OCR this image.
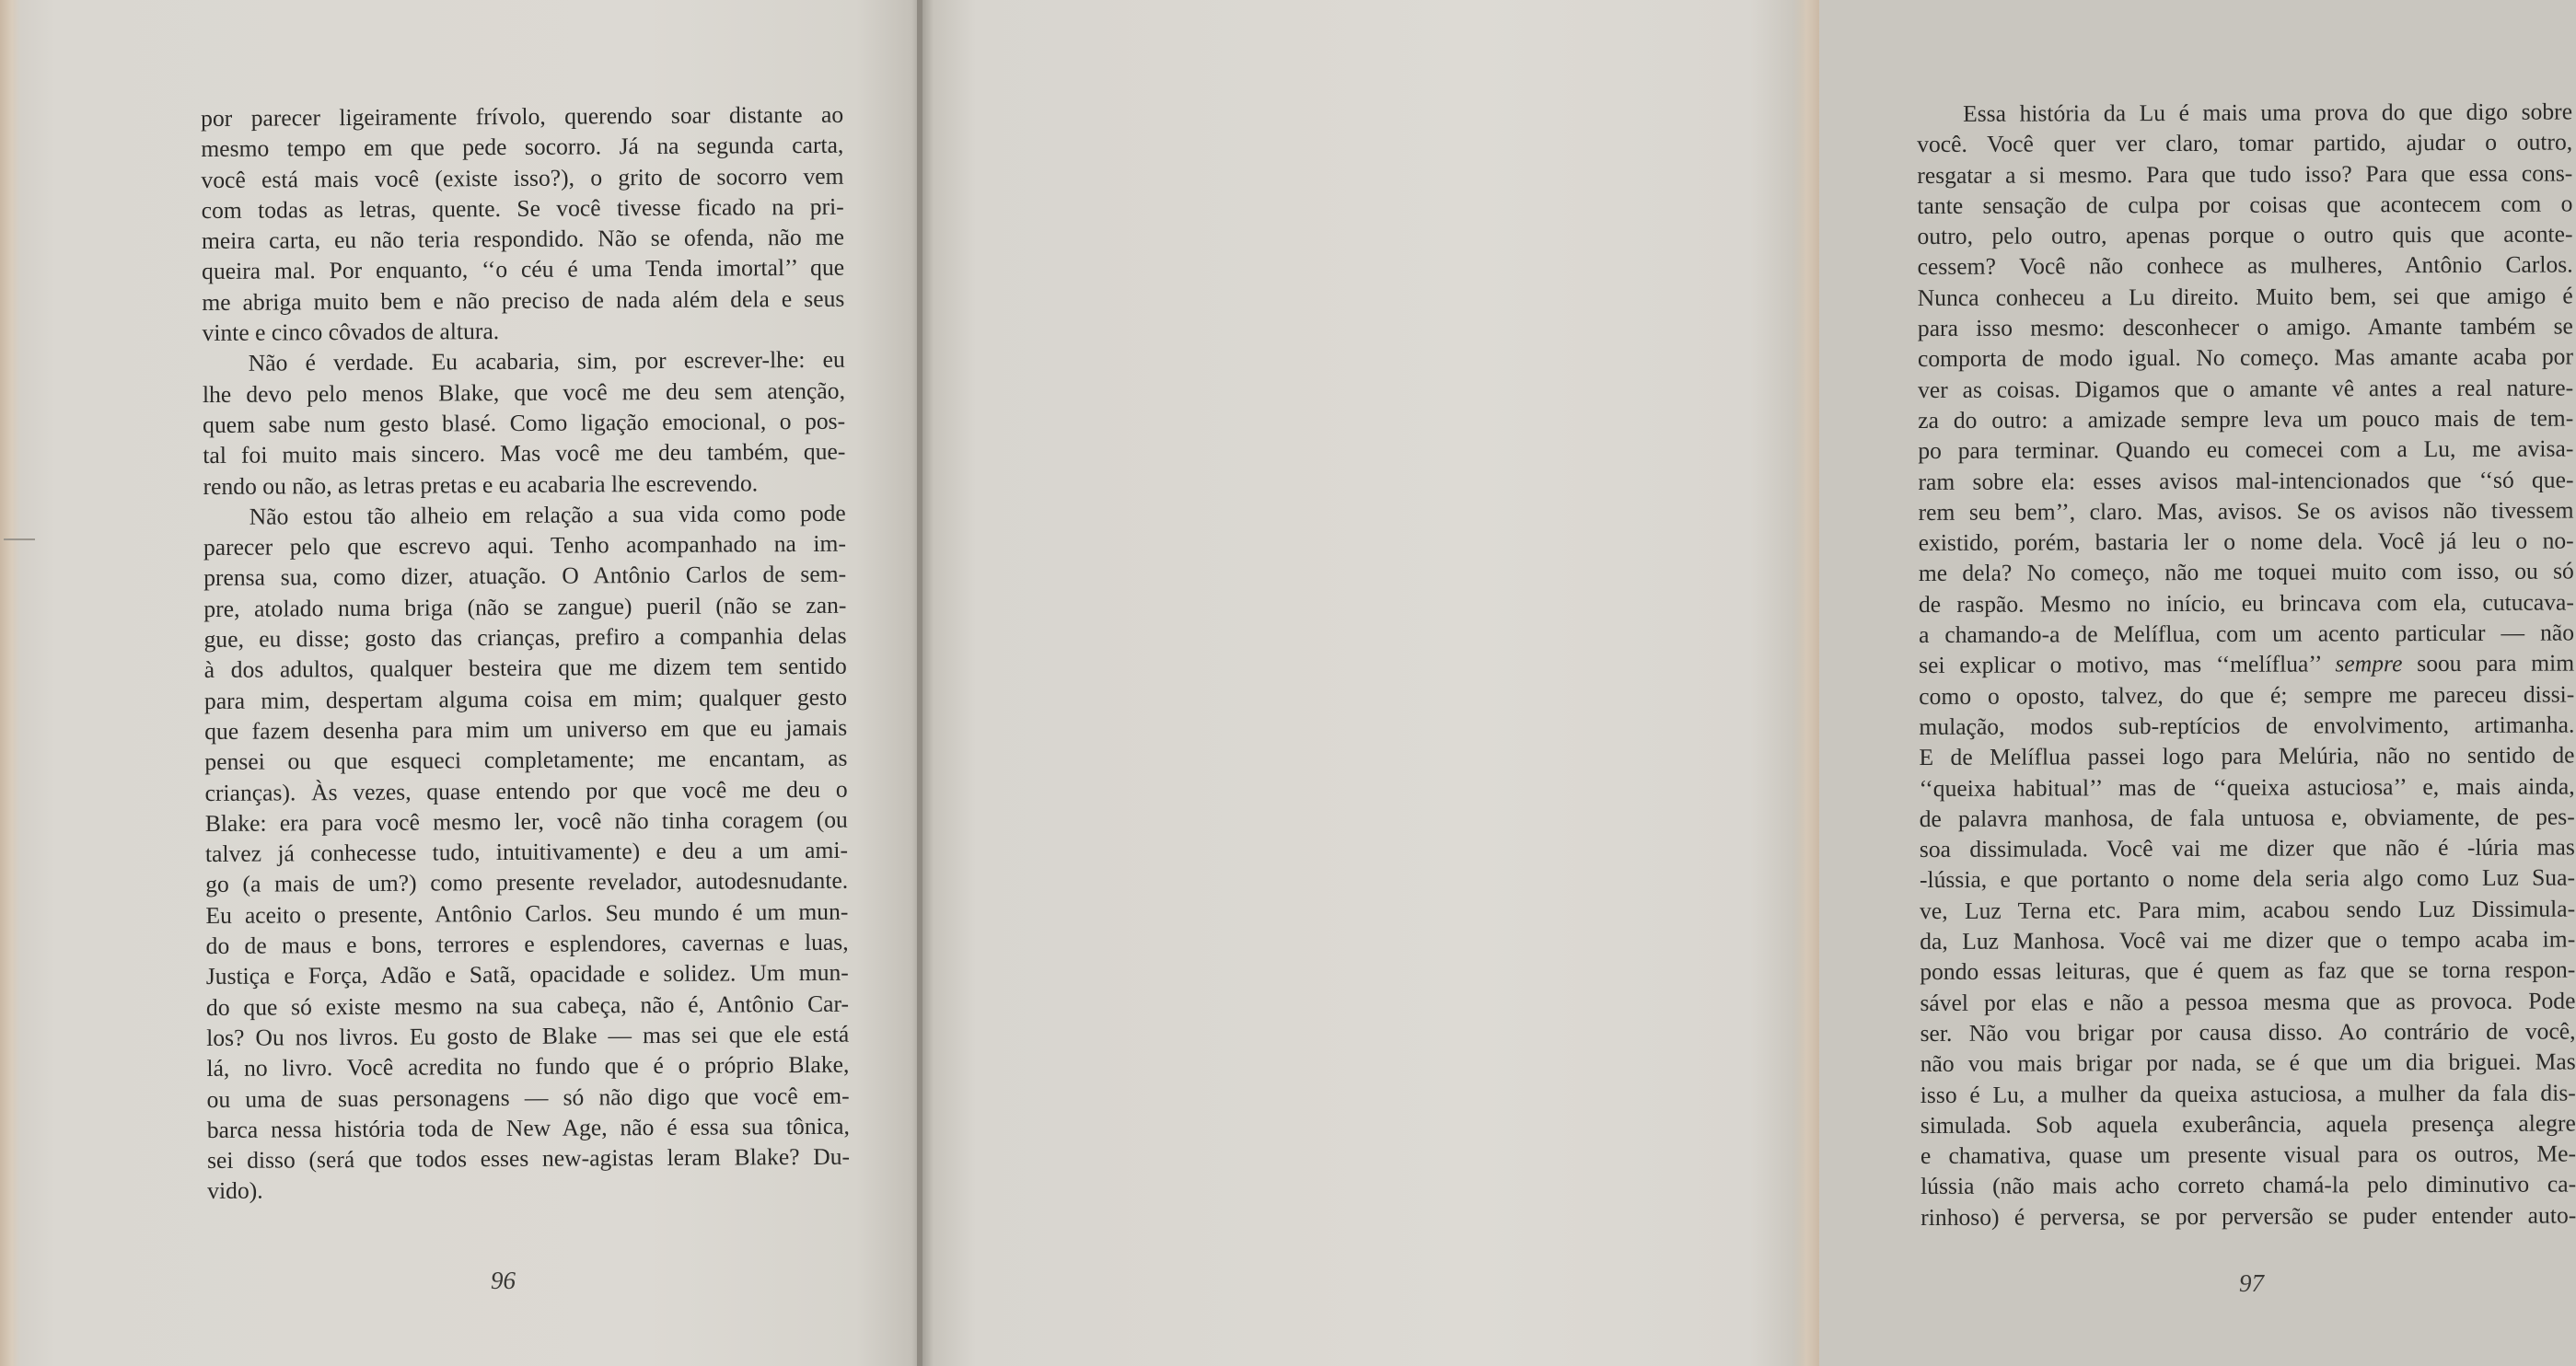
por parecer ligeiramente frívolo, querendo soar distante ao
mesmo tempo em que pede socorro. Já na segunda carta,
você está mais você (existe isso?), o grito de socorro vem
com todas as letras, quente. Se você tivesse ficado na pri-
meira carta, eu não teria respondido. Não se ofenda, não me
queira mal. Por enquanto, ‘‘o céu é uma Tenda imortal’’ que
me abriga muito bem e não preciso de nada além dela e seus
vinte e cinco côvados de altura.
Não é verdade. Eu acabaria, sim, por escrever-lhe: eu
lhe devo pelo menos Blake, que você me deu sem atenção,
quem sabe num gesto blasé. Como ligação emocional, o pos-
tal foi muito mais sincero. Mas você me deu também, que-
rendo ou não, as letras pretas e eu acabaria lhe escrevendo.
Não estou tão alheio em relação a sua vida como pode
parecer pelo que escrevo aqui. Tenho acompanhado na im-
prensa sua, como dizer, atuação. O Antônio Carlos de sem-
pre, atolado numa briga (não se zangue) pueril (não se zan-
gue, eu disse; gosto das crianças, prefiro a companhia delas
à dos adultos, qualquer besteira que me dizem tem sentido
para mim, despertam alguma coisa em mim; qualquer gesto
que fazem desenha para mim um universo em que eu jamais
pensei ou que esqueci completamente; me encantam, as
crianças). Às vezes, quase entendo por que você me deu o
Blake: era para você mesmo ler, você não tinha coragem (ou
talvez já conhecesse tudo, intuitivamente) e deu a um ami-
go (a mais de um?) como presente revelador, autodesnudante.
Eu aceito o presente, Antônio Carlos. Seu mundo é um mun-
do de maus e bons, terrores e esplendores, cavernas e luas,
Justiça e Força, Adão e Satã, opacidade e solidez. Um mun-
do que só existe mesmo na sua cabeça, não é, Antônio Car-
los? Ou nos livros. Eu gosto de Blake — mas sei que ele está
lá, no livro. Você acredita no fundo que é o próprio Blake,
ou uma de suas personagens — só não digo que você em-
barca nessa história toda de New Age, não é essa sua tônica,
sei disso (será que todos esses new-agistas leram Blake? Du-
vido).
96
Essa história da Lu é mais uma prova do que digo sobre
você. Você quer ver claro, tomar partido, ajudar o outro,
resgatar a si mesmo. Para que tudo isso? Para que essa cons-
tante sensação de culpa por coisas que acontecem com o
outro, pelo outro, apenas porque o outro quis que aconte-
cessem? Você não conhece as mulheres, Antônio Carlos.
Nunca conheceu a Lu direito. Muito bem, sei que amigo é
para isso mesmo: desconhecer o amigo. Amante também se
comporta de modo igual. No começo. Mas amante acaba por
ver as coisas. Digamos que o amante vê antes a real nature-
za do outro: a amizade sempre leva um pouco mais de tem-
po para terminar. Quando eu comecei com a Lu, me avisa-
ram sobre ela: esses avisos mal-intencionados que ‘‘só que-
rem seu bem’’, claro. Mas, avisos. Se os avisos não tivessem
existido, porém, bastaria ler o nome dela. Você já leu o no-
me dela? No começo, não me toquei muito com isso, ou só
de raspão. Mesmo no início, eu brincava com ela, cutucava-
a chamando-a de Melíflua, com um acento particular — não
sei explicar o motivo, mas ‘‘melíflua’’ sempre soou para mim
como o oposto, talvez, do que é; sempre me pareceu dissi-
mulação, modos sub-reptícios de envolvimento, artimanha.
E de Melíflua passei logo para Melúria, não no sentido de
‘‘queixa habitual’’ mas de ‘‘queixa astuciosa’’ e, mais ainda,
de palavra manhosa, de fala untuosa e, obviamente, de pes-
soa dissimulada. Você vai me dizer que não é -lúria mas
-lússia, e que portanto o nome dela seria algo como Luz Sua-
ve, Luz Terna etc. Para mim, acabou sendo Luz Dissimula-
da, Luz Manhosa. Você vai me dizer que o tempo acaba im-
pondo essas leituras, que é quem as faz que se torna respon-
sável por elas e não a pessoa mesma que as provoca. Pode
ser. Não vou brigar por causa disso. Ao contrário de você,
não vou mais brigar por nada, se é que um dia briguei. Mas
isso é Lu, a mulher da queixa astuciosa, a mulher da fala dis-
simulada. Sob aquela exuberância, aquela presença alegre
e chamativa, quase um presente visual para os outros, Me-
lússia (não mais acho correto chamá-la pelo diminutivo ca-
rinhoso) é perversa, se por perversão se puder entender auto-
97
